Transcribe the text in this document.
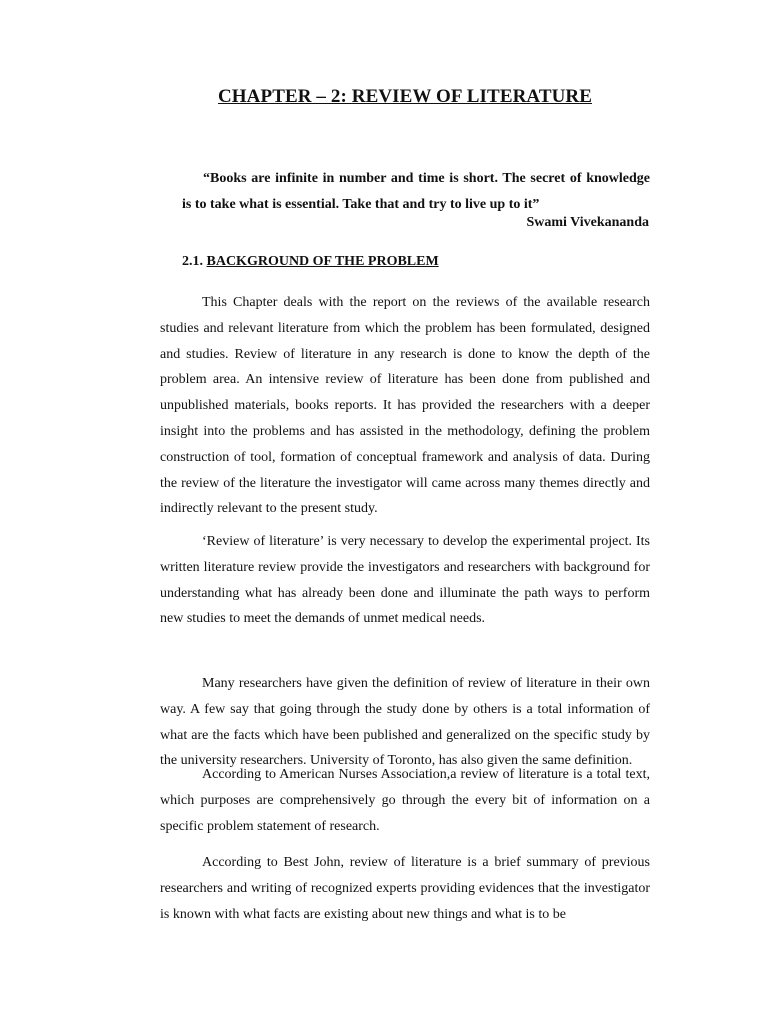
CHAPTER – 2: REVIEW OF LITERATURE
“Books are infinite in number and time is short. The secret of knowledge
is to take what is essential. Take that and try to live up to it”
Swami Vivekananda
2.1. BACKGROUND OF THE PROBLEM

This Chapter deals with the report on the reviews of the available research studies and relevant literature from which the problem has been formulated, designed and studies. Review of literature in any research is done to know the depth of the problem area. An intensive review of literature has been done from published and unpublished materials, books reports. It has provided the researchers with a deeper insight into the problems and has assisted in the methodology, defining the problem construction of tool, formation of conceptual framework and analysis of data. During the review of the literature the investigator will came across many themes directly and indirectly relevant to the present study.

‘Review of literature’ is very necessary to develop the experimental project. Its written literature review provide the investigators and researchers with background for understanding what has already been done and illuminate the path ways to perform new studies to meet the demands of unmet medical needs.

Many researchers have given the definition of review of literature in their own way. A few say that going through the study done by others is a total information of what are the facts which have been published and generalized on the specific study by the university researchers. University of Toronto, has also given the same definition.

According to American Nurses Association,a review of literature is a total text, which purposes are comprehensively go through the every bit of information on a specific problem statement of research.

According to Best John, review of literature is a brief summary of previous researchers and writing of recognized experts providing evidences that the investigator is known with what facts are existing about new things and what is to be
